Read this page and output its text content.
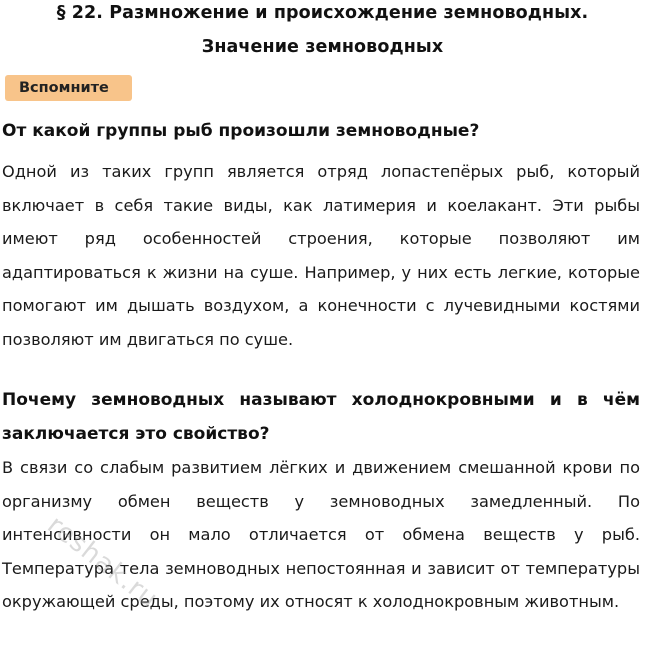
§ 22. Размножение и происхождение земноводных.
Значение земноводных
Вспомните
От какой группы рыб произошли земноводные?
Одной из таких групп является отряд лопастепёрых рыб, который включает в себя такие виды, как латимерия и коелакант. Эти рыбы имеют ряд особенностей строения, которые позволяют им адаптироваться к жизни на суше. Например, у них есть легкие, которые помогают им дышать воздухом, а конечности с лучевидными костями позволяют им двигаться по суше.
Почему земноводных называют холоднокровными и в чём заключается это свойство?
В связи со слабым развитием лёгких и движением смешанной крови по организму обмен веществ у земноводных замедленный. По интенсивности он мало отличается от обмена веществ у рыб. Температура тела земноводных непостоянная и зависит от температуры окружающей среды, поэтому их относят к холоднокровным животным.
reshak.ru
